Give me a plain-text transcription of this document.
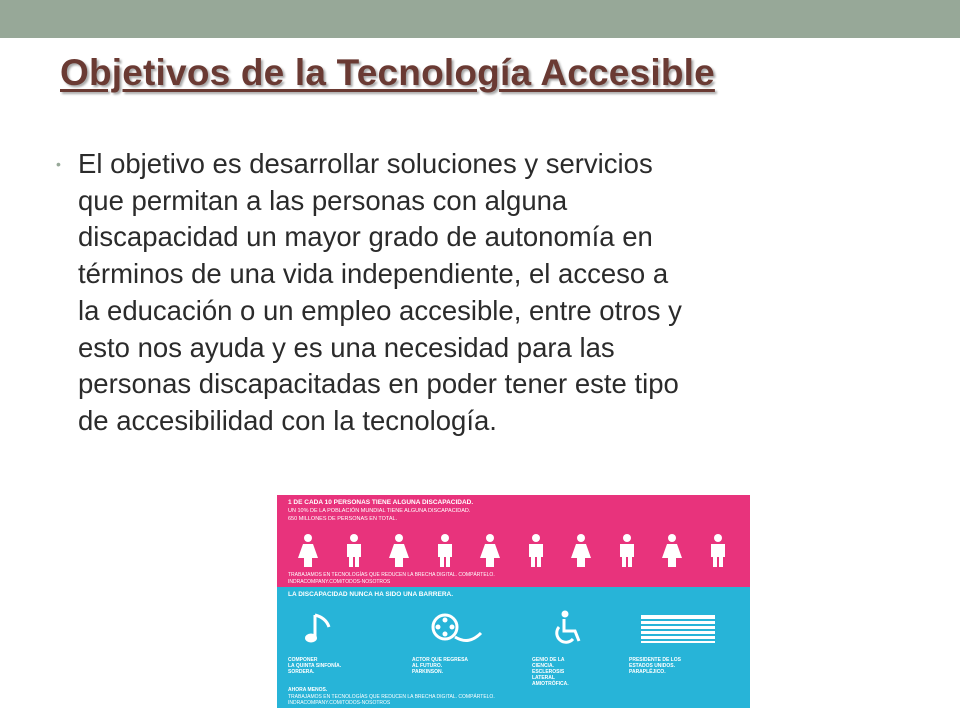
Objetivos de la Tecnología Accesible
• El objetivo es desarrollar soluciones y servicios
que permitan a las personas con alguna
discapacidad un mayor grado de autonomía en
términos de una vida independiente, el acceso a
la educación o un empleo accesible, entre otros y
esto nos ayuda y es una necesidad para las
personas discapacitadas en poder tener este tipo
de accesibilidad con la tecnología.
1 DE CADA 10 PERSONAS TIENE ALGUNA DISCAPACIDAD.
UN 10% DE LA POBLACIÓN MUNDIAL TIENE ALGUNA DISCAPACIDAD.
650 MILLONES DE PERSONAS EN TOTAL.
TRABAJAMOS EN TECNOLOGÍAS QUE REDUCEN LA BRECHA DIGITAL. COMPÁRTELO.
INDRACOMPANY.COM/TODOS-NOSOTROS
LA DISCAPACIDAD NUNCA HA SIDO UNA BARRERA.
COMPONER
LA QUINTA SINFONÍA.
SORDERA.
ACTOR QUE REGRESA
AL FUTURO.
PARKINSON.
GENIO DE LA
CIENCIA.
ESCLEROSIS
LATERAL
AMIOTRÓFICA.
PRESIDENTE DE LOS
ESTADOS UNIDOS.
PARAPLÉJICO.
AHORA MENOS.
TRABAJAMOS EN TECNOLOGÍAS QUE REDUCEN LA BRECHA DIGITAL. COMPÁRTELO.
INDRACOMPANY.COM/TODOS-NOSOTROS
